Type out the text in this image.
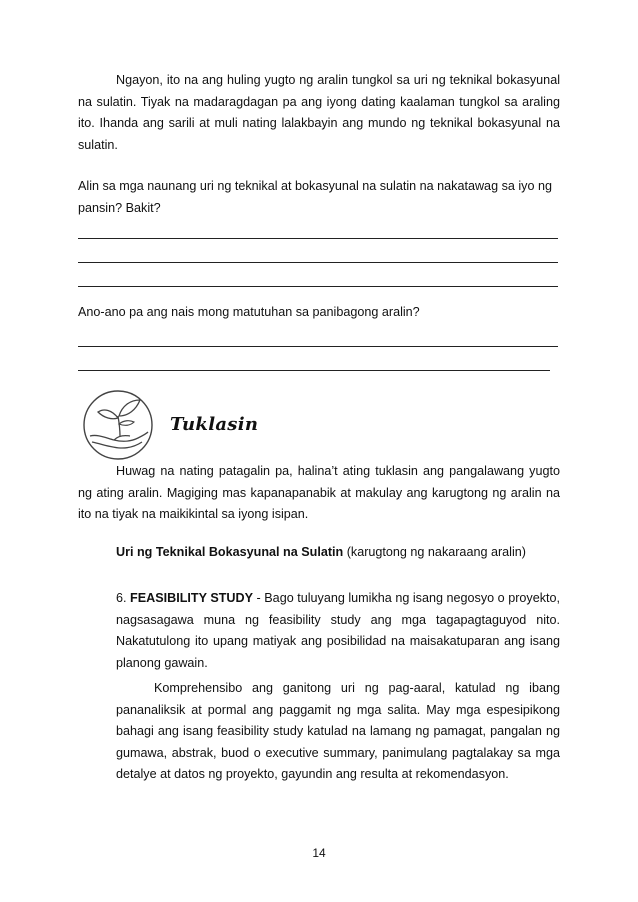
Ngayon, ito na ang huling yugto ng aralin tungkol sa uri ng teknikal bokasyunal na sulatin. Tiyak na madaragdagan pa ang iyong dating kaalaman tungkol sa araling ito. Ihanda ang sarili at muli nating lalakbayin ang mundo ng teknikal bokasyunal na sulatin.

Alin sa mga naunang uri ng teknikal at bokasyunal na sulatin na nakatawag sa iyo ng pansin? Bakit?

Ano-ano pa ang nais mong matutuhan sa panibagong aralin?

Tuklasin

Huwag na nating patagalin pa, halina’t ating tuklasin ang pangalawang yugto ng ating aralin. Magiging mas kapanapanabik at makulay ang karugtong ng aralin na ito na tiyak na maikikintal sa iyong isipan.

Uri ng Teknikal Bokasyunal na Sulatin (karugtong ng nakaraang aralin)

6. FEASIBILITY STUDY - Bago tuluyang lumikha ng isang negosyo o proyekto, nagsasagawa muna ng feasibility study ang mga tagapagtaguyod nito. Nakatutulong ito upang matiyak ang posibilidad na maisakatuparan ang isang planong gawain.

Komprehensibo ang ganitong uri ng pag-aaral, katulad ng ibang pananaliksik at pormal ang paggamit ng mga salita. May mga espesipikong bahagi ang isang feasibility study katulad na lamang ng pamagat, pangalan ng gumawa, abstrak, buod o executive summary, panimulang pagtalakay sa mga detalye at datos ng proyekto, gayundin ang resulta at rekomendasyon.

14
